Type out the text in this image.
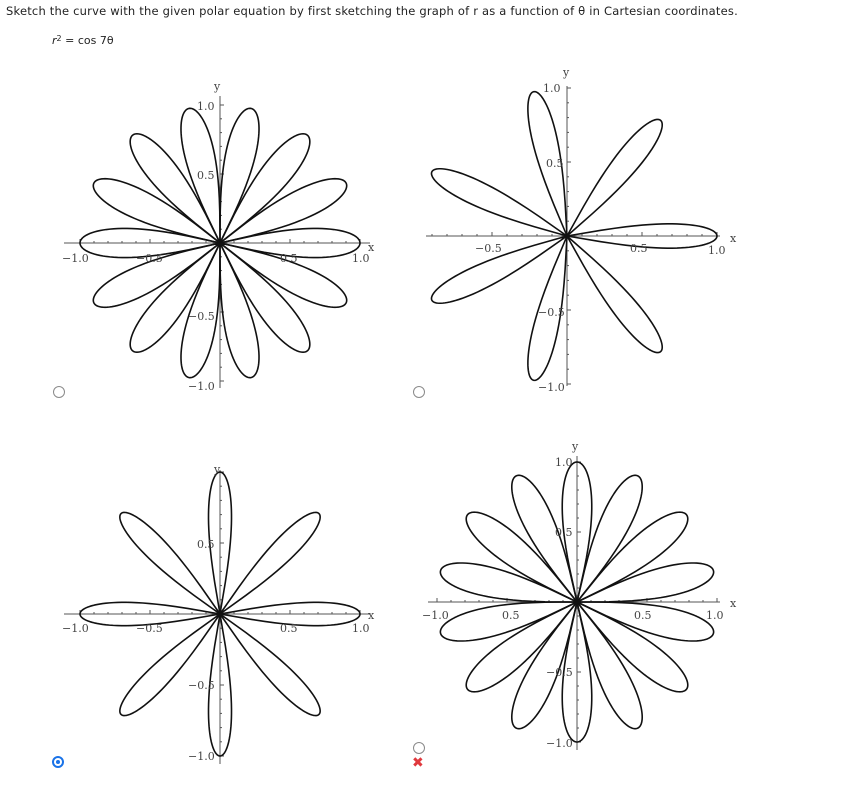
Sketch the curve with the given polar equation by first sketching the graph of r as a function of θ in Cartesian coordinates.
$r^2 = \cos 7\theta$
x
y
−1.0	−0.5	0.5	1.0
1.0
0.5
−0.5
−1.0
x
y
−0.5	0.5	1.0
1.0
0.5
−0.5
−1.0
x
y
−1.0	−0.5	0.5	1.0
0.5
−0.5
−1.0
x
y
−1.0	0.5	0.5	1.0
1.0
0.5
−0.5
−1.0
✖
